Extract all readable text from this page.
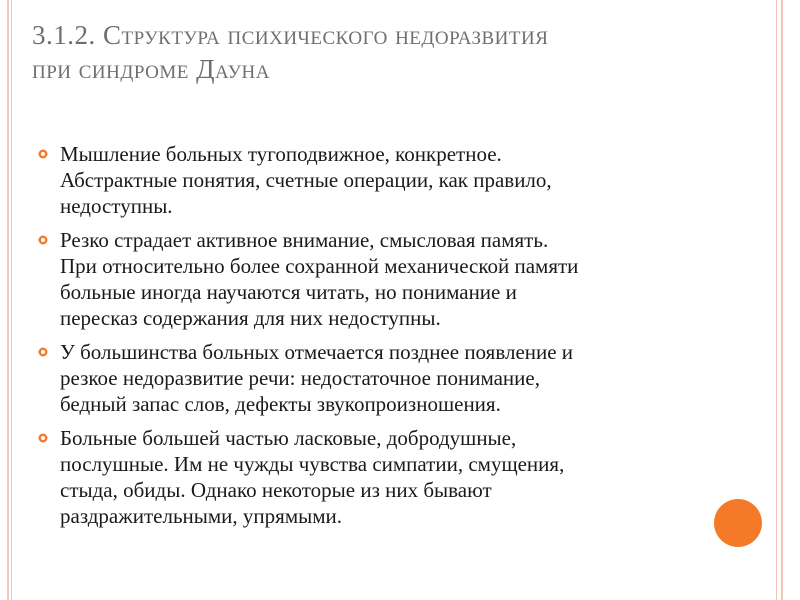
3.1.2. Структура психического недоразвития
при синдроме Дауна
Мышление больных тугоподвижное, конкретное.
Абстрактные понятия, счетные операции, как правило,
недоступны.
Резко страдает активное внимание, смысловая память.
При относительно более сохранной механической памяти
больные иногда научаются читать, но понимание и
пересказ содержания для них недоступны.
У большинства больных отмечается позднее появление и
резкое недоразвитие речи: недостаточное понимание,
бедный запас слов, дефекты звукопроизношения.
Больные большей частью ласковые, добродушные,
послушные. Им не чужды чувства симпатии, смущения,
стыда, обиды. Однако некоторые из них бывают
раздражительными, упрямыми.
